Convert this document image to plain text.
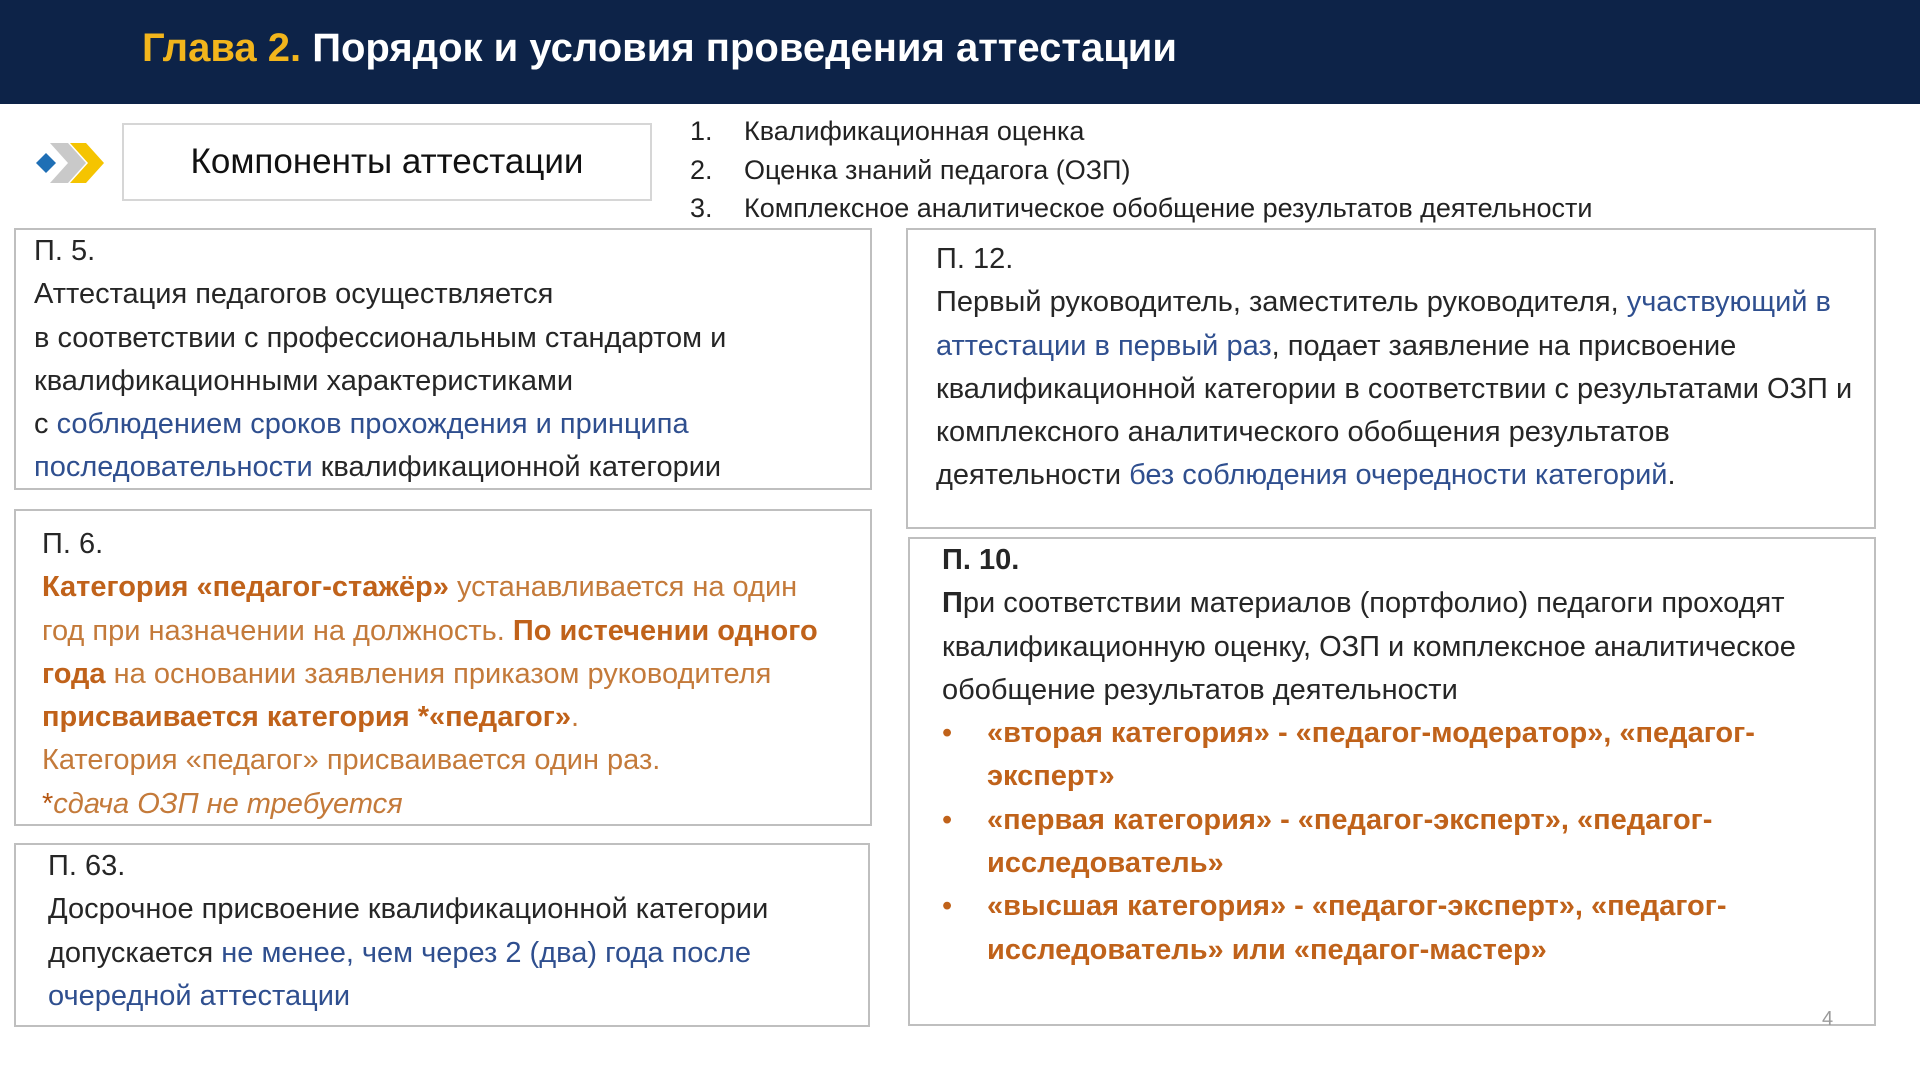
Глава 2. Порядок и условия проведения аттестации
Компоненты аттестации
1. Квалификационная оценка
2. Оценка знаний педагога (ОЗП)
3. Комплексное аналитическое обобщение результатов деятельности

П. 5.

Аттестация педагогов осуществляется

в соответствии с профессиональным стандартом и

квалификационными характеристиками

с соблюдением сроков прохождения и принципа последовательности квалификационной категории

П. 6.

Категория «педагог-стажёр» устанавливается на один год при назначении на должность. По истечении одного года на основании заявления приказом руководителя присваивается категория *«педагог».

Категория «педагог» присваивается один раз.

*сдача ОЗП не требуется

П. 63.

Досрочное присвоение квалификационной категории допускается не менее, чем через 2 (два) года после очередной аттестации

П. 12.

Первый руководитель, заместитель руководителя, участвующий в аттестации в первый раз, подает заявление на присвоение квалификационной категории в соответствии с результатами ОЗП и комплексного аналитического обобщения результатов деятельности без соблюдения очередности категорий.

П. 10.

При соответствии материалов (портфолио) педагоги проходят квалификационную оценку, ОЗП и комплексное аналитическое обобщение результатов деятельности

• «вторая категория» - «педагог-модератор», «педагог-эксперт»
• «первая категория» - «педагог-эксперт», «педагог-исследователь»
• «высшая категория» - «педагог-эксперт», «педагог-исследователь» или «педагог-мастер»
4
